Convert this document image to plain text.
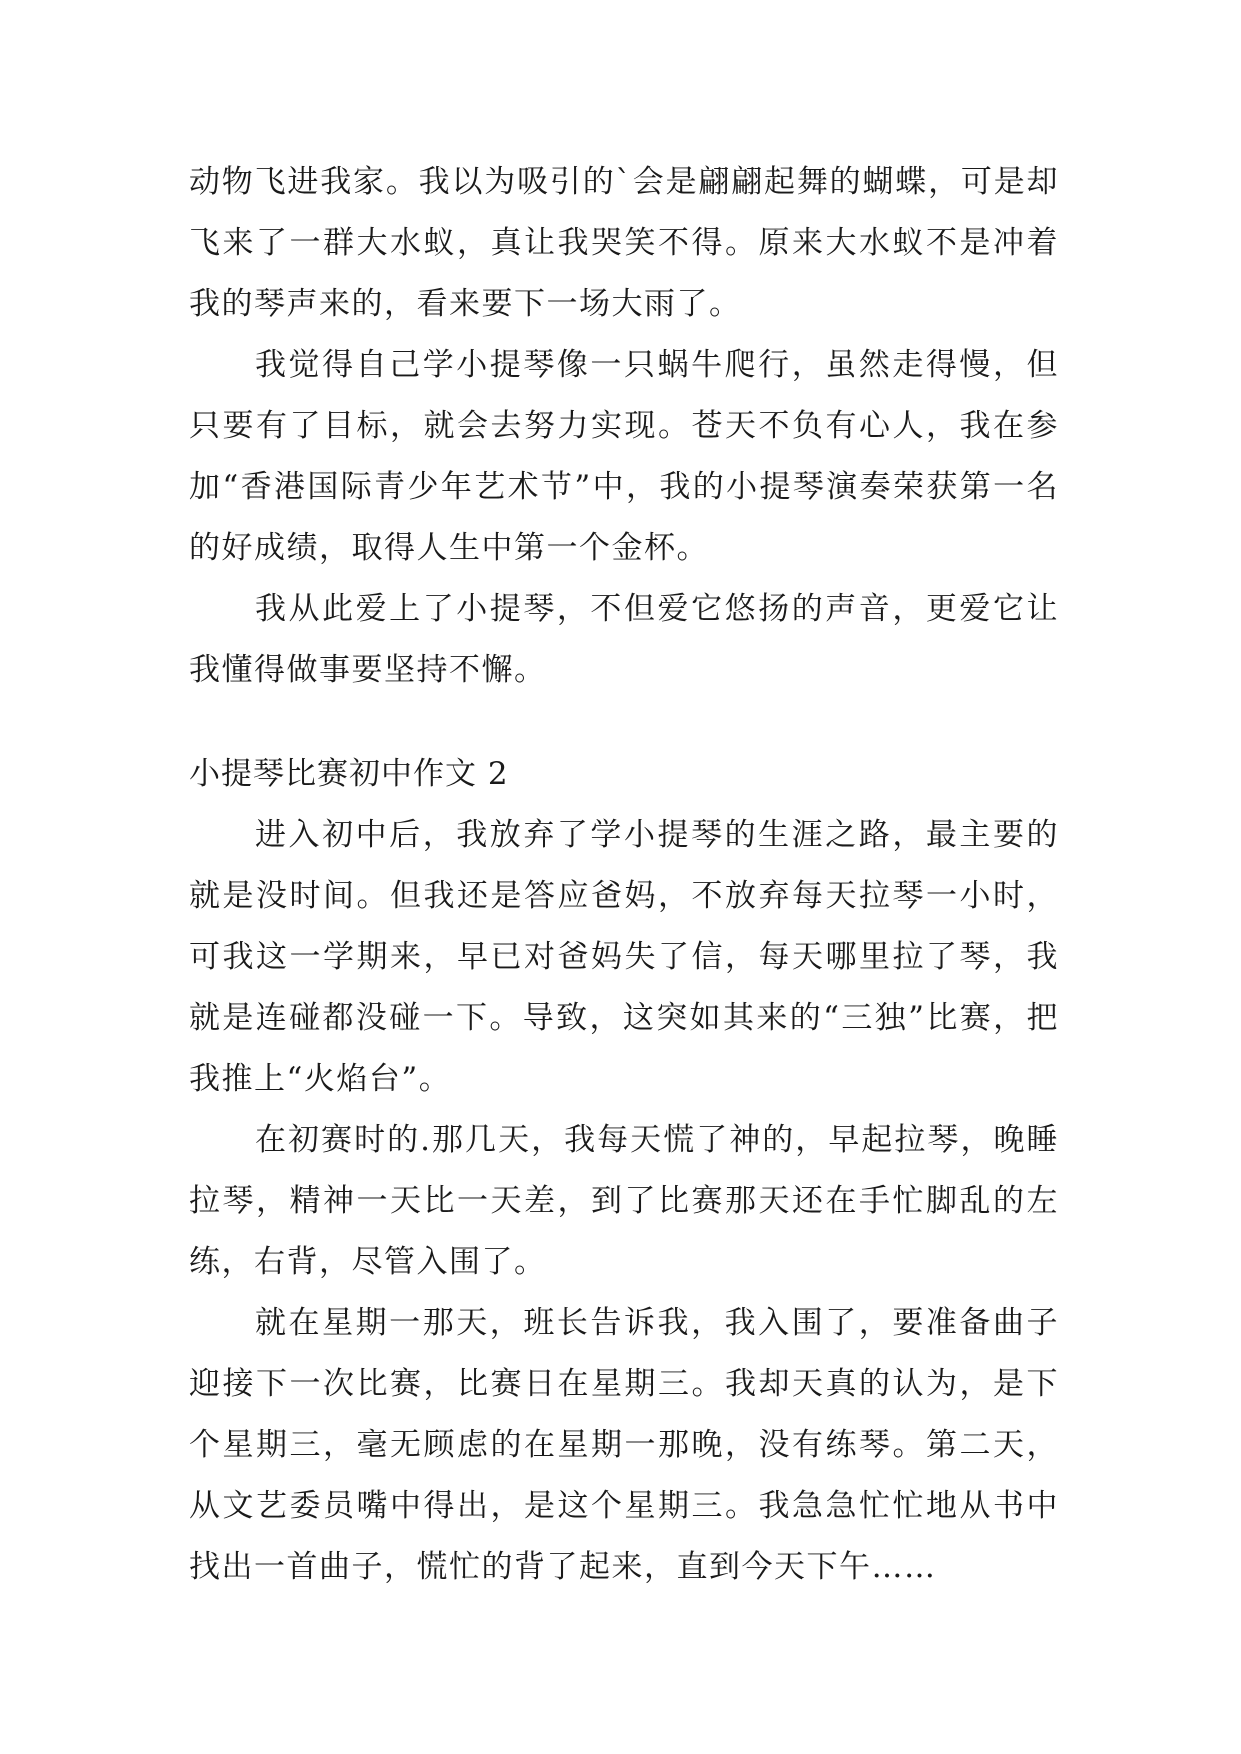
动物飞进我家。我以为吸引的`会是翩翩起舞的蝴蝶，可是却飞来了一群大水蚁，真让我哭笑不得。原来大水蚁不是冲着我的琴声来的，看来要下一场大雨了。

我觉得自己学小提琴像一只蜗牛爬行，虽然走得慢，但只要有了目标，就会去努力实现。苍天不负有心人，我在参加“香港国际青少年艺术节”中，我的小提琴演奏荣获第一名的好成绩，取得人生中第一个金杯。

我从此爱上了小提琴，不但爱它悠扬的声音，更爱它让我懂得做事要坚持不懈。

小提琴比赛初中作文 2

进入初中后，我放弃了学小提琴的生涯之路，最主要的就是没时间。但我还是答应爸妈，不放弃每天拉琴一小时，可我这一学期来，早已对爸妈失了信，每天哪里拉了琴，我就是连碰都没碰一下。导致，这突如其来的“三独”比赛，把我推上“火焰台”。

在初赛时的.那几天，我每天慌了神的，早起拉琴，晚睡拉琴，精神一天比一天差，到了比赛那天还在手忙脚乱的左练，右背，尽管入围了。

就在星期一那天，班长告诉我，我入围了，要准备曲子迎接下一次比赛，比赛日在星期三。我却天真的认为，是下个星期三，毫无顾虑的在星期一那晚，没有练琴。第二天，从文艺委员嘴中得出，是这个星期三。我急急忙忙地从书中找出一首曲子，慌忙的背了起来，直到今天下午……
